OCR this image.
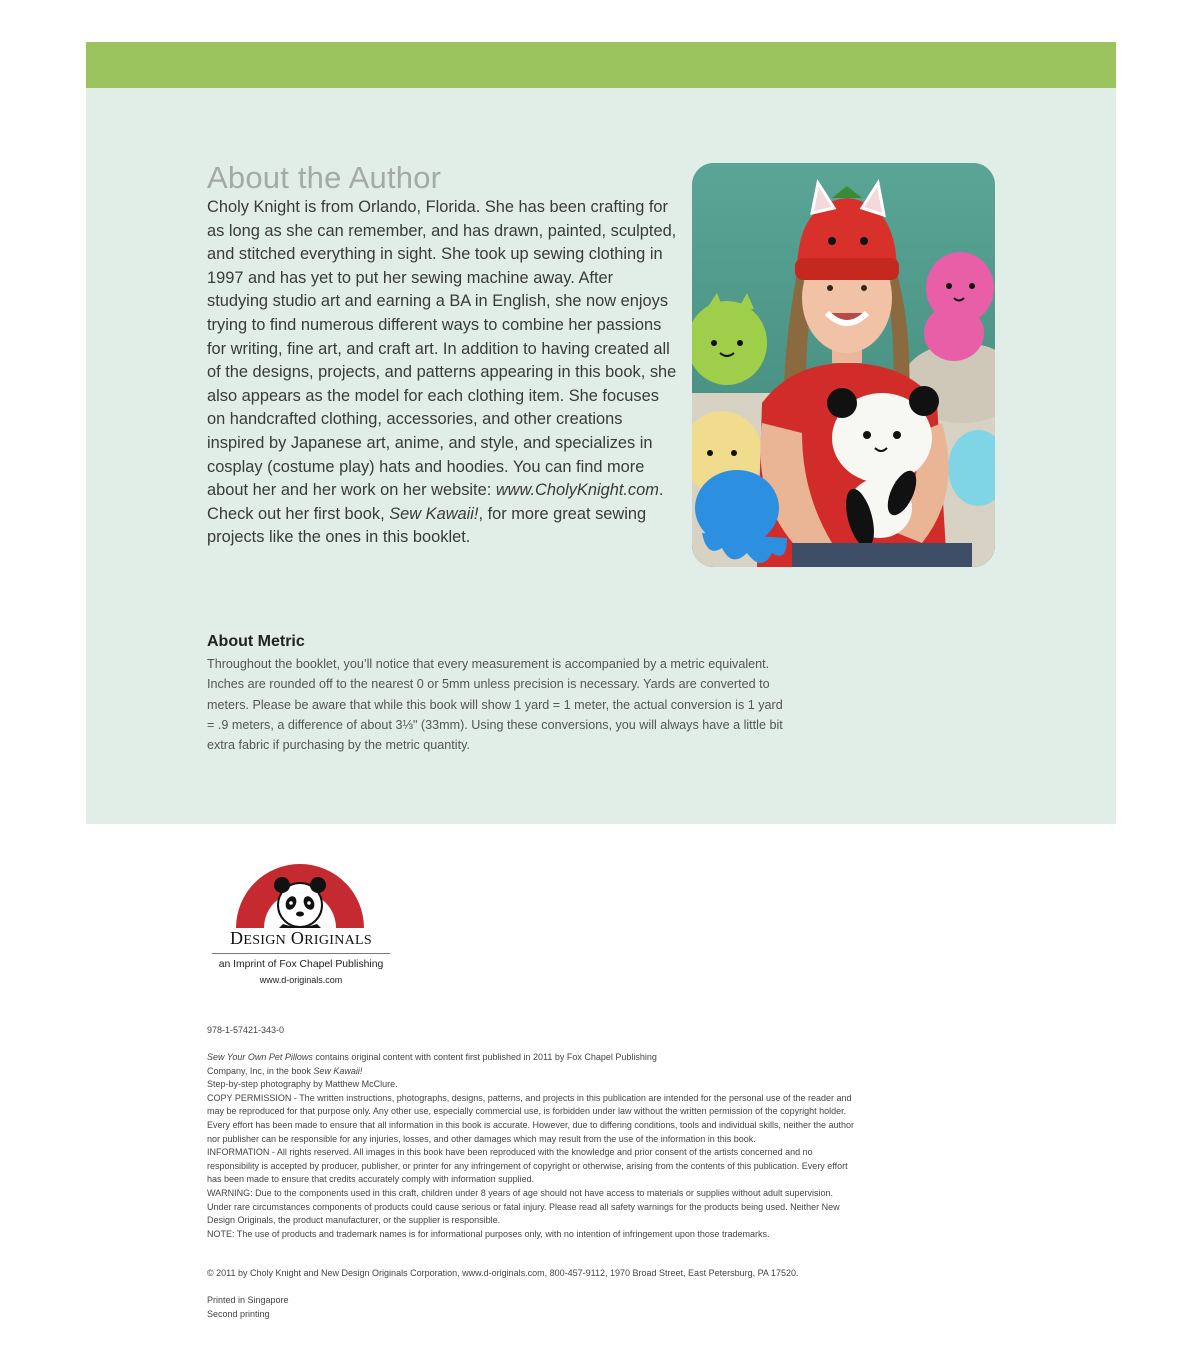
About the Author

Choly Knight is from Orlando, Florida. She has been crafting for as long as she can remember, and has drawn, painted, sculpted, and stitched everything in sight. She took up sewing clothing in 1997 and has yet to put her sewing machine away. After studying studio art and earning a BA in English, she now enjoys trying to find numerous different ways to combine her passions for writing, fine art, and craft art. In addition to having created all of the designs, projects, and patterns appearing in this book, she also appears as the model for each clothing item. She focuses on handcrafted clothing, accessories, and other creations inspired by Japanese art, anime, and style, and specializes in cosplay (costume play) hats and hoodies. You can find more about her and her work on her website: www.CholyKnight.com. Check out her first book, Sew Kawaii!, for more great sewing projects like the ones in this booklet.

About Metric

Throughout the booklet, you’ll notice that every measurement is accompanied by a metric equivalent. Inches are rounded off to the nearest 0 or 5mm unless precision is necessary. Yards are converted to meters. Please be aware that while this book will show 1 yard = 1 meter, the actual conversion is 1 yard = .9 meters, a difference of about 3⅓" (33mm). Using these conversions, you will always have a little bit extra fabric if purchasing by the metric quantity.

DESIGN ORIGINALS
an Imprint of Fox Chapel Publishing
www.d-originals.com
978-1-57421-343-0
Sew Your Own Pet Pillows contains original content with content first published in 2011 by Fox Chapel Publishing
Company, Inc, in the book Sew Kawaii!
Step-by-step photography by Matthew McClure.
COPY PERMISSION - The written instructions, photographs, designs, patterns, and projects in this publication are intended for the personal use of the reader and may be reproduced for that purpose only. Any other use, especially commercial use, is forbidden under law without the written permission of the copyright holder. Every effort has been made to ensure that all information in this book is accurate. However, due to differing conditions, tools and individual skills, neither the author nor publisher can be responsible for any injuries, losses, and other damages which may result from the use of the information in this book.
INFORMATION - All rights reserved. All images in this book have been reproduced with the knowledge and prior consent of the artists concerned and no responsibility is accepted by producer, publisher, or printer for any infringement of copyright or otherwise, arising from the contents of this publication. Every effort has been made to ensure that credits accurately comply with information supplied.
WARNING: Due to the components used in this craft, children under 8 years of age should not have access to materials or supplies without adult supervision. Under rare circumstances components of products could cause serious or fatal injury. Please read all safety warnings for the products being used. Neither New Design Originals, the product manufacturer, or the supplier is responsible.
NOTE: The use of products and trademark names is for informational purposes only, with no intention of infringement upon those trademarks.
© 2011 by Choly Knight and New Design Originals Corporation, www.d-originals.com, 800-457-9112, 1970 Broad Street, East Petersburg, PA 17520.
Printed in Singapore
Second printing
